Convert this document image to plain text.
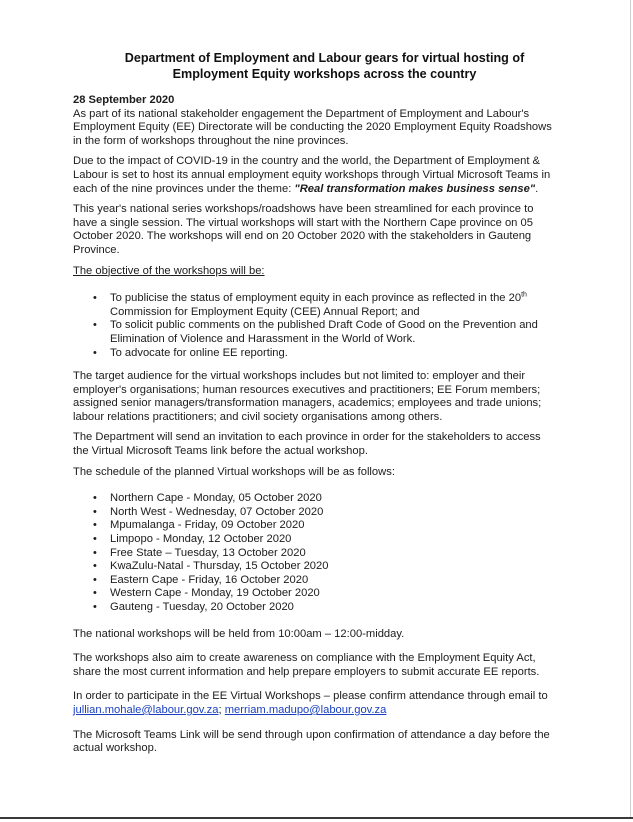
Department of Employment and Labour gears for virtual hosting of
Employment Equity workshops across the country
28 September 2020

As part of its national stakeholder engagement the Department of Employment and Labour's Employment Equity (EE) Directorate will be conducting the 2020 Employment Equity Roadshows in the form of workshops throughout the nine provinces.

Due to the impact of COVID-19 in the country and the world, the Department of Employment & Labour is set to host its annual employment equity workshops through Virtual Microsoft Teams in each of the nine provinces under the theme: "Real transformation makes business sense".

This year's national series workshops/roadshows have been streamlined for each province to have a single session. The virtual workshops will start with the Northern Cape province on 05 October 2020. The workshops will end on 20 October 2020 with the stakeholders in Gauteng Province.

The objective of the workshops will be:

• To publicise the status of employment equity in each province as reflected in the 20th Commission for Employment Equity (CEE) Annual Report; and
• To solicit public comments on the published Draft Code of Good on the Prevention and Elimination of Violence and Harassment in the World of Work.
• To advocate for online EE reporting.

The target audience for the virtual workshops includes but not limited to: employer and their employer's organisations; human resources executives and practitioners; EE Forum members; assigned senior managers/transformation managers, academics; employees and trade unions; labour relations practitioners; and civil society organisations among others.

The Department will send an invitation to each province in order for the stakeholders to access the Virtual Microsoft Teams link before the actual workshop.

The schedule of the planned Virtual workshops will be as follows:

• Northern Cape - Monday, 05 October 2020
• North West - Wednesday, 07 October 2020
• Mpumalanga - Friday, 09 October 2020
• Limpopo - Monday, 12 October 2020
• Free State – Tuesday, 13 October 2020
• KwaZulu-Natal - Thursday, 15 October 2020
• Eastern Cape - Friday, 16 October 2020
• Western Cape - Monday, 19 October 2020
• Gauteng - Tuesday, 20 October 2020

The national workshops will be held from 10:00am – 12:00-midday.

The workshops also aim to create awareness on compliance with the Employment Equity Act, share the most current information and help prepare employers to submit accurate EE reports.

In order to participate in the EE Virtual Workshops – please confirm attendance through email to jullian.mohale@labour.gov.za; merriam.madupo@labour.gov.za

The Microsoft Teams Link will be send through upon confirmation of attendance a day before the actual workshop.
